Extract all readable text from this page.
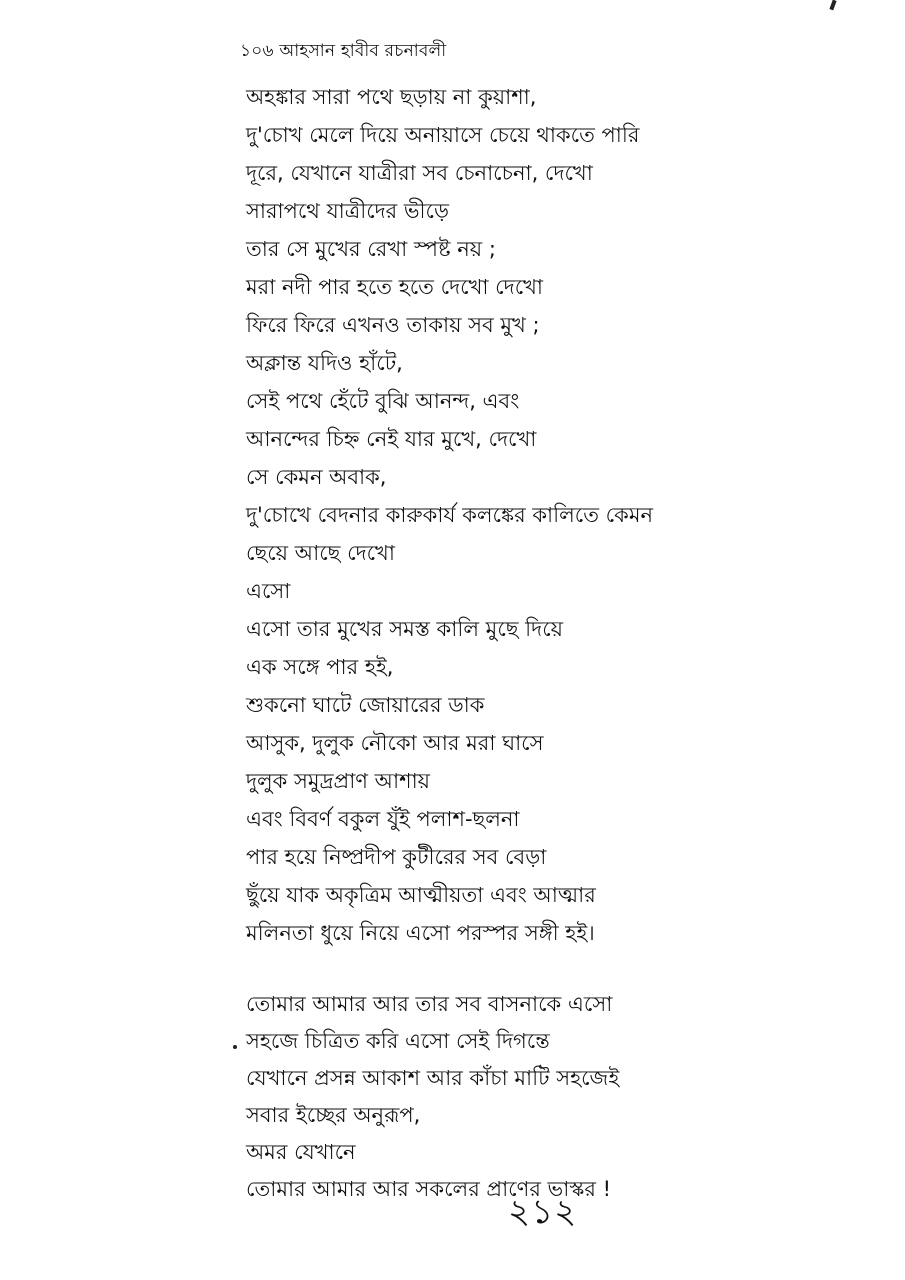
১০৬ আহসান হাবীব রচনাবলী
অহঙ্কার সারা পথে ছড়ায় না কুয়াশা,
দু'চোখ মেলে দিয়ে অনায়াসে চেয়ে থাকতে পারি
দূরে, যেখানে যাত্রীরা সব চেনাচেনা, দেখো
সারাপথে যাত্রীদের ভীড়ে
তার সে মুখের রেখা স্পষ্ট নয় ;
মরা নদী পার হতে হতে দেখো দেখো
ফিরে ফিরে এখনও তাকায় সব মুখ ;
অক্লান্ত যদিও হাঁটে,
সেই পথে হেঁটে বুঝি আনন্দ, এবং
আনন্দের চিহ্ন নেই যার মুখে, দেখো
সে কেমন অবাক,
দু'চোখে বেদনার কারুকার্য কলঙ্কের কালিতে কেমন
ছেয়ে আছে দেখো
এসো
এসো তার মুখের সমস্ত কালি মুছে দিয়ে
এক সঙ্গে পার হই,
শুকনো ঘাটে জোয়ারের ডাক
আসুক, দুলুক নৌকো আর মরা ঘাসে
দুলুক সমুদ্রপ্রাণ আশায়
এবং বিবর্ণ বকুল যুঁই পলাশ-ছলনা
পার হয়ে নিষ্প্রদীপ কুটীরের সব বেড়া
ছুঁয়ে যাক অকৃত্রিম আত্মীয়তা এবং আত্মার
মলিনতা ধুয়ে নিয়ে এসো পরস্পর সঙ্গী হই।
তোমার আমার আর তার সব বাসনাকে এসো
সহজে চিত্রিত করি এসো সেই দিগন্তে
যেখানে প্রসন্ন আকাশ আর কাঁচা মাটি সহজেই
সবার ইচ্ছের অনুরূপ,
অমর যেখানে
তোমার আমার আর সকলের প্রাণের ভাস্কর !
২১২
